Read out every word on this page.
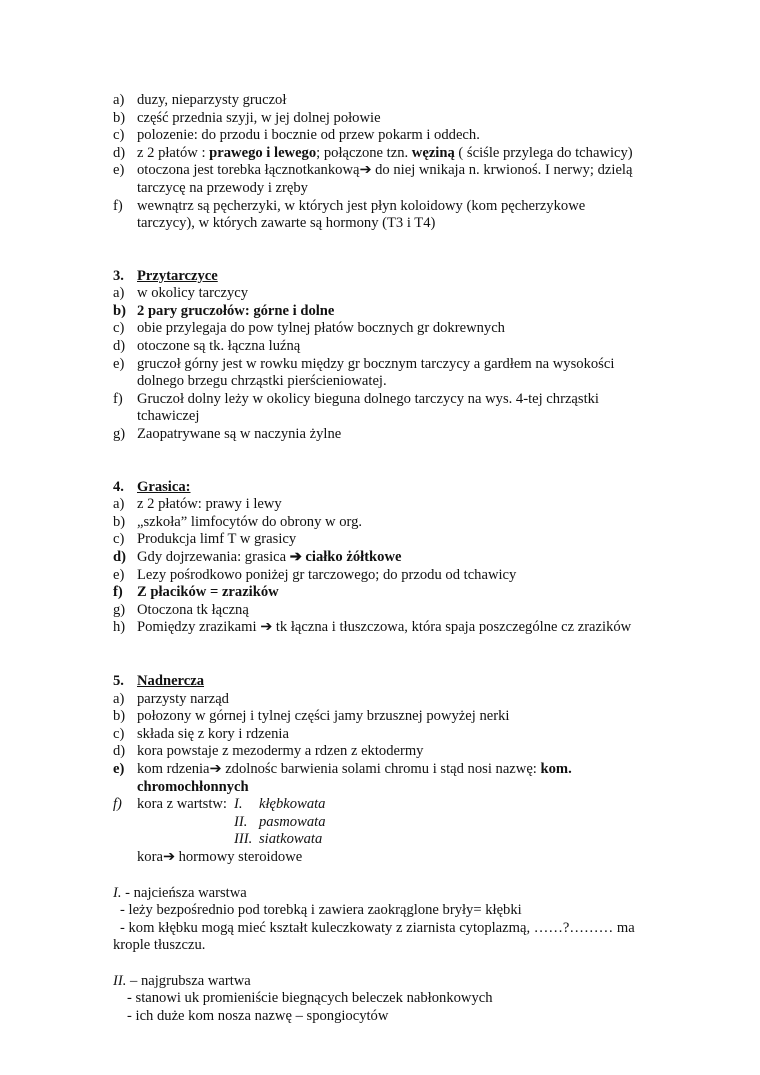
a) duzy, nieparzysty gruczoł
b) część przednia szyji, w jej dolnej połowie
c) polozenie: do przodu i bocznie od przew pokarm i oddech.
d) z 2 płatów : prawego i lewego; połączone tzn. węziną ( ściśle przylega do tchawicy)
e) otoczona jest torebka łącznotkankową➔ do niej wnikaja n. krwionoś. I nerwy; dzielą
tarczycę na przewody i zręby
f) wewnątrz są pęcherzyki, w których jest płyn koloidowy (kom pęcherzykowe
tarczycy), w których zawarte są hormony (T3 i T4)
3. Przytarczyce
a) w okolicy tarczycy
b) 2 pary gruczołów: górne i dolne
c) obie przylegaja do pow tylnej płatów bocznych gr dokrewnych
d) otoczone są tk. łączna luźną
e) gruczoł górny jest w rowku między gr bocznym tarczycy a gardłem na wysokości
dolnego brzegu chrząstki pierścieniowatej.
f) Gruczoł dolny leży w okolicy bieguna dolnego tarczycy na wys. 4-tej chrząstki
tchawiczej
g) Zaopatrywane są w naczynia żylne
4. Grasica:
a) z 2 płatów: prawy i lewy
b) „szkoła” limfocytów do obrony w org.
c) Produkcja limf T w grasicy
d) Gdy dojrzewania: grasica ➔ ciałko żółtkowe
e) Lezy pośrodkowo poniżej gr tarczowego; do przodu od tchawicy
f) Z płacików = zrazików
g) Otoczona tk łączną
h) Pomiędzy zrazikami ➔ tk łączna i tłuszczowa, która spaja poszczególne cz zrazików
5. Nadnercza
a) parzysty narząd
b) połozony w górnej i tylnej części jamy brzusznej powyżej nerki
c) składa się z kory i rdzenia
d) kora powstaje z mezodermy a rdzen z ektodermy
e) kom rdzenia➔ zdolnośc barwienia solami chromu i stąd nosi nazwę: kom.
chromochłonnych
f) kora z wartstw: I. kłębkowata
II. pasmowata
III. siatkowata
kora➔ hormowy steroidowe
I. - najcieńsza warstwa
- leży bezpośrednio pod torebką i zawiera zaokrąglone bryły= kłębki
- kom kłębku mogą mieć kształt kuleczkowaty z ziarnista cytoplazmą, ……?……… ma
krople tłuszczu.
II. – najgrubsza wartwa
- stanowi uk promieniście biegnących beleczek nabłonkowych
- ich duże kom nosza nazwę – spongiocytów
